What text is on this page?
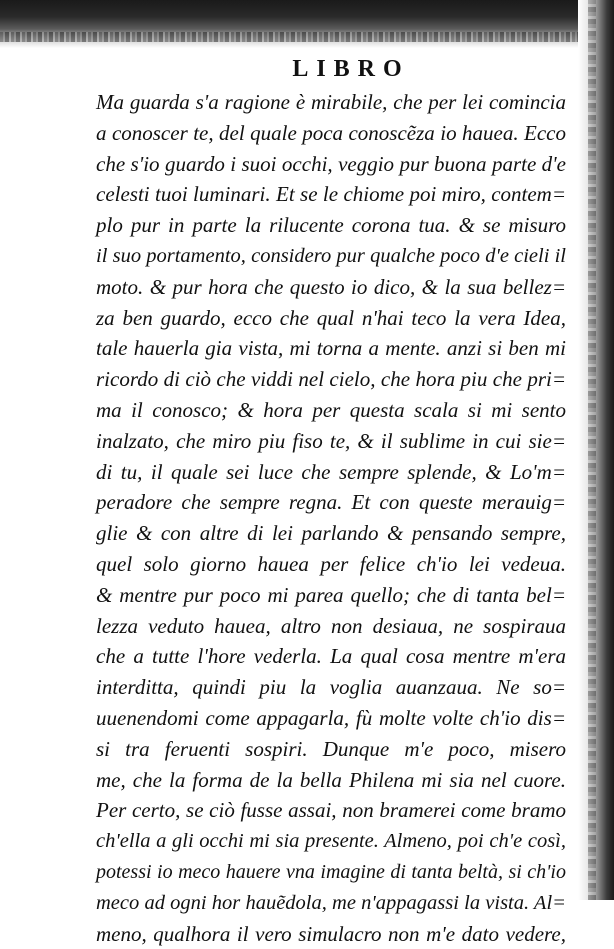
LIBRO
Ma guarda s'a ragione è mirabile, che per lei comincia
a conoscer te, del quale poca conoscẽza io hauea. Ecco
che s'io guardo i suoi occhi, veggio pur buona parte d'e
celesti tuoi luminari. Et se le chiome poi miro, contem=
plo pur in parte la rilucente corona tua. & se misuro
il suo portamento, considero pur qualche poco d'e cieli il
moto. & pur hora che questo io dico, & la sua bellez=
za ben guardo, ecco che qual n'hai teco la vera Idea,
tale hauerla gia vista, mi torna a mente. anzi si ben mi
ricordo di ciò che viddi nel cielo, che hora piu che pri=
ma il conosco; & hora per questa scala si mi sento
inalzato, che miro piu fiso te, & il sublime in cui sie=
di tu, il quale sei luce che sempre splende, & Lo'm=
peradore che sempre regna. Et con queste merauig=
glie & con altre di lei parlando & pensando sempre,
quel solo giorno hauea per felice ch'io lei vedeua.
& mentre pur poco mi parea quello; che di tanta bel=
lezza veduto hauea, altro non desiaua, ne sospiraua
che a tutte l'hore vederla. La qual cosa mentre m'era
interditta, quindi piu la voglia auanzaua. Ne so=
uuenendomi come appagarla, fù molte volte ch'io dis=
si tra feruenti sospiri. Dunque m'e poco, misero
me, che la forma de la bella Philena mi sia nel cuore.
Per certo, se ciò fusse assai, non bramerei come bramo
ch'ella a gli occhi mi sia presente. Almeno, poi ch'e così,
potessi io meco hauere vna imagine di tanta beltà, si ch'io
meco ad ogni hor hauẽdola, me n'appagassi la vista. Al=
meno, qualhora il vero simulacro non m'e dato vedere,
